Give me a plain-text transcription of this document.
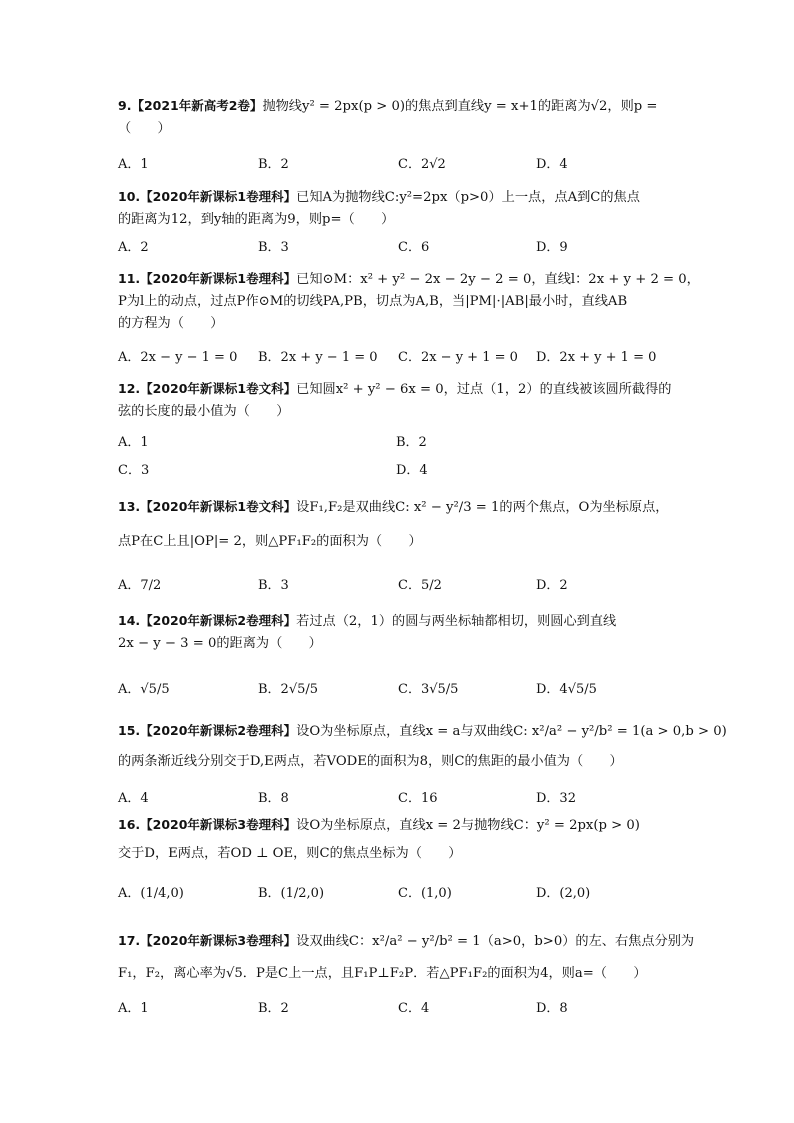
9.【2021年新高考2卷】抛物线y² = 2px(p > 0)的焦点到直线y = x+1的距离为√2，则p =
（　　）
A．1	B．2	C．2√2	D．4
10.【2020年新课标1卷理科】已知A为抛物线C:y²=2px（p>0）上一点，点A到C的焦点
的距离为12，到y轴的距离为9，则p=（　　）
A．2	B．3	C．6	D．9
11.【2020年新课标1卷理科】已知⊙M：x² + y² − 2x − 2y − 2 = 0，直线l：2x + y + 2 = 0，
P为l上的动点，过点P作⊙M的切线PA,PB，切点为A,B，当|PM|·|AB|最小时，直线AB
的方程为（　　）
A．2x − y − 1 = 0 B．2x + y − 1 = 0 C．2x − y + 1 = 0 D．2x + y + 1 = 0
12.【2020年新课标1卷文科】已知圆x² + y² − 6x = 0，过点（1，2）的直线被该圆所截得的
弦的长度的最小值为（　　）
A．1	B．2
C．3	D．4
13.【2020年新课标1卷文科】设F₁,F₂是双曲线C: x² − y²/3 = 1的两个焦点，O为坐标原点，
点P在C上且|OP|= 2，则△PF₁F₂的面积为（　　）
A．7/2	B．3	C．5/2	D．2
14.【2020年新课标2卷理科】若过点（2，1）的圆与两坐标轴都相切，则圆心到直线
2x − y − 3 = 0的距离为（　　）
A．√5/5	B．2√5/5	C．3√5/5	D．4√5/5
15.【2020年新课标2卷理科】设O为坐标原点，直线x = a与双曲线C: x²/a² − y²/b² = 1(a > 0,b > 0)
的两条渐近线分别交于D,E两点，若VODE的面积为8，则C的焦距的最小值为（　　）
A．4	B．8	C．16	D．32
16.【2020年新课标3卷理科】设O为坐标原点，直线x = 2与抛物线C：y² = 2px(p > 0)
交于D，E两点，若OD ⊥ OE，则C的焦点坐标为（　　）
A．(1/4,0)	B．(1/2,0)	C．(1,0)	D．(2,0)
17.【2020年新课标3卷理科】设双曲线C：x²/a² − y²/b² = 1（a>0，b>0）的左、右焦点分别为
F₁，F₂，离心率为√5．P是C上一点，且F₁P⊥F₂P．若△PF₁F₂的面积为4，则a=（　　）
A．1	B．2	C．4	D．8
